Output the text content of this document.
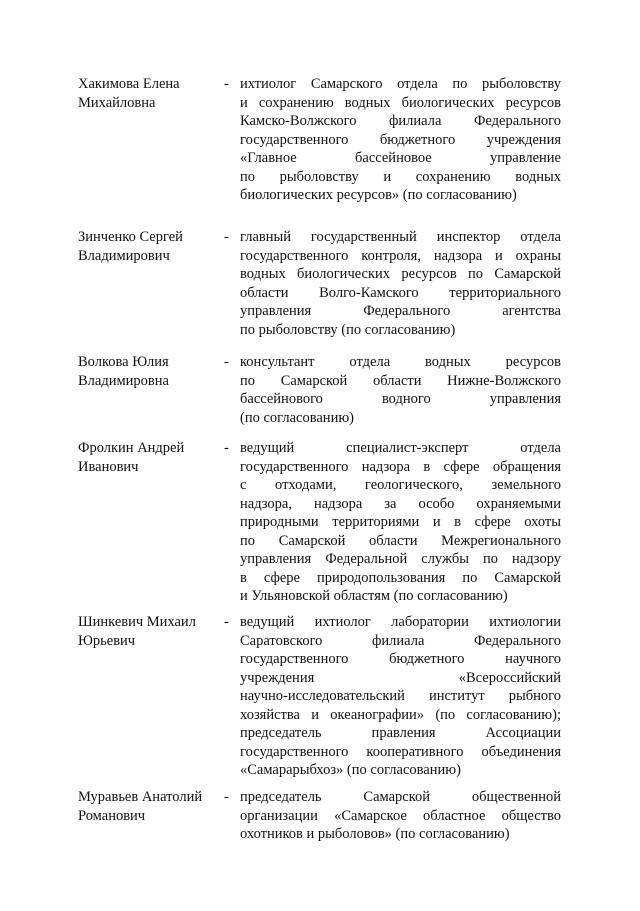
Хакимова Елена
Михайловна
- ихтиолог Самарского отдела по рыболовству
и сохранению водных биологических ресурсов
Камско-Волжского филиала Федерального
государственного бюджетного учреждения
«Главное бассейновое управление
по рыболовству и сохранению водных
биологических ресурсов» (по согласованию)
Зинченко Сергей
Владимирович
- главный государственный инспектор отдела
государственного контроля, надзора и охраны
водных биологических ресурсов по Самарской
области Волго-Камского территориального
управления Федерального агентства
по рыболовству (по согласованию)
Волкова Юлия
Владимировна
- консультант отдела водных ресурсов
по Самарской области Нижне-Волжского
бассейнового водного управления
(по согласованию)
Фролкин Андрей
Иванович
- ведущий специалист-эксперт отдела
государственного надзора в сфере обращения
с отходами, геологического, земельного
надзора, надзора за особо охраняемыми
природными территориями и в сфере охоты
по Самарской области Межрегионального
управления Федеральной службы по надзору
в сфере природопользования по Самарской
и Ульяновской областям (по согласованию)
Шинкевич Михаил
Юрьевич
- ведущий ихтиолог лаборатории ихтиологии
Саратовского филиала Федерального
государственного бюджетного научного
учреждения «Всероссийский
научно-исследовательский институт рыбного
хозяйства и океанографии» (по согласованию);
председатель правления Ассоциации
государственного кооперативного объединения
«Самарарыбхоз» (по согласованию)
Муравьев Анатолий
Романович
- председатель Самарской общественной
организации «Самарское областное общество
охотников и рыболовов» (по согласованию)
